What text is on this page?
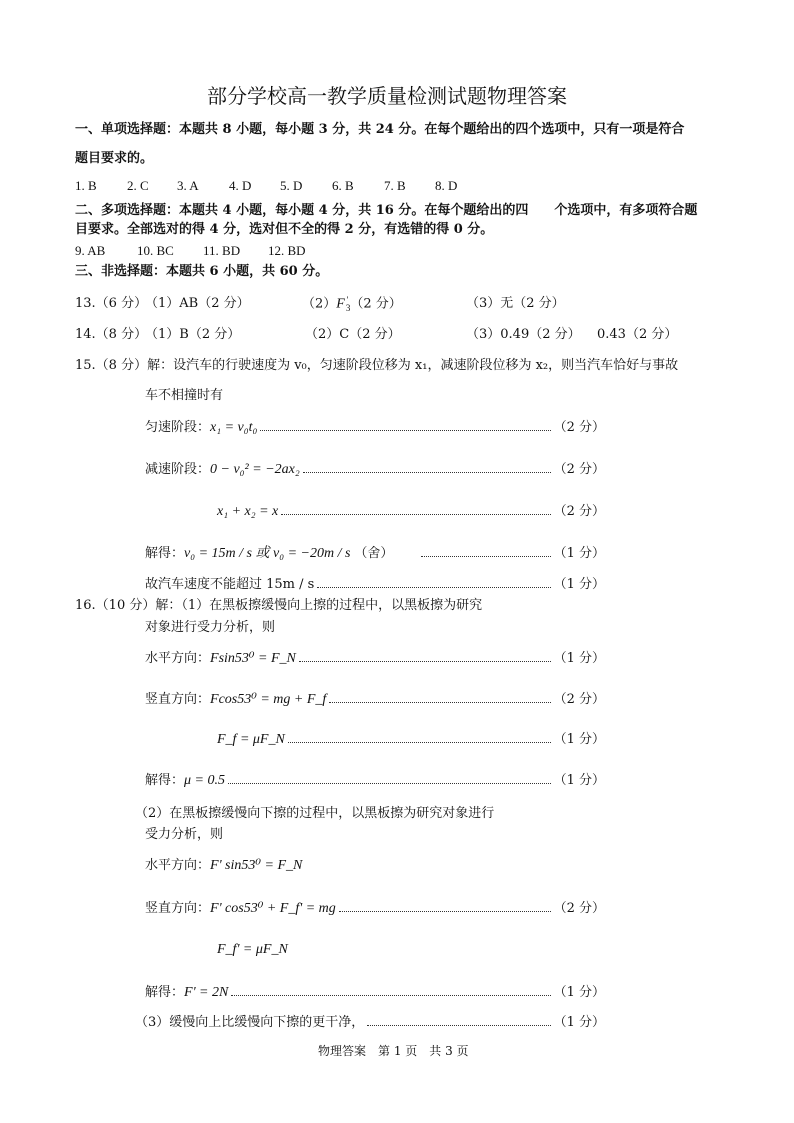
部分学校高一教学质量检测试题物理答案
一、单项选择题：本题共 8 小题，每小题 3 分，共 24 分。在每个题给出的四个选项中，只有一项是符合
题目要求的。
1. B 2. C 3. A 4. D 5. D 6. B 7. B 8. D
二、多项选择题：本题共 4 小题，每小题 4 分，共 16 分。在每个题给出的四　　个选项中，有多项符合题
目要求。全部选对的得 4 分，选对但不全的得 2 分，有选错的得 0 分。
9. AB 10. BC 11. BD 12. BD
三、非选择题：本题共 6 小题，共 60 分。
13.（6 分）
（1）AB（2 分）	（2）F '
3 （2 分）	（3）无（2 分）
14.（8 分）
（1）B（2 分）	（2）C（2 分）	（3）0.49（2 分） 0.43（2 分）
15.（8 分）解：设汽车的行驶速度为 v₀，匀速阶段位移为 x₁，减速阶段位移为 x₂，则当汽车恰好与事故
车不相撞时有
匀速阶段： x₁ = v₀t₀	（2 分）
减速阶段： 0 − v₀² = −2ax₂	（2 分）
x₁ + x₂ = x	（2 分）
解得： v₀ = 15m / s 或 v₀ = −20m / s （舍）	（1 分）
故汽车速度不能超过 15m / s	（1 分）
16.（10 分）解：（1）在黑板擦缓慢向上擦的过程中，以黑板擦为研究
对象进行受力分析，则
水平方向： Fsin53⁰ = F_N	（1 分）
竖直方向： Fcos53⁰ = mg + F_f	（2 分）
F_f = μF_N	（1 分）
解得： μ = 0.5	（1 分）
（2）在黑板擦缓慢向下擦的过程中，以黑板擦为研究对象进行
受力分析，则
水平方向：F' sin53⁰ = F_N
竖直方向： F' cos53⁰ + F_f' = mg	（2 分）
F_f' = μF_N
解得： F' = 2N	（1 分）
（3）缓慢向上比缓慢向下擦的更干净，	（1 分）
物理答案　第 1 页　共 3 页
